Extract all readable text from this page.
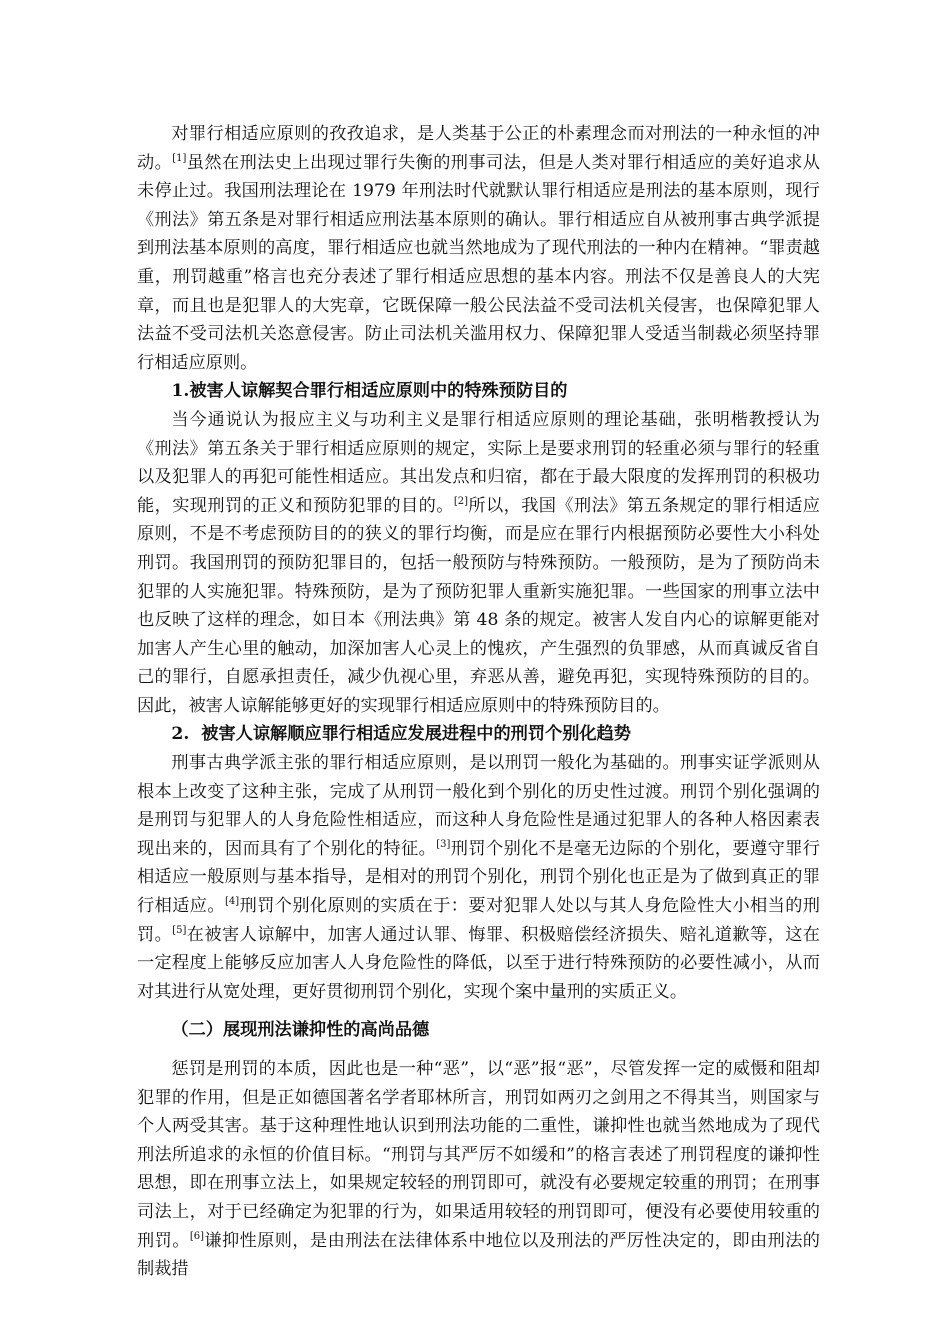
对罪行相适应原则的孜孜追求，是人类基于公正的朴素理念而对刑法的一种永恒的冲动。[1]虽然在刑法史上出现过罪行失衡的刑事司法，但是人类对罪行相适应的美好追求从未停止过。我国刑法理论在 1979 年刑法时代就默认罪行相适应是刑法的基本原则，现行《刑法》第五条是对罪行相适应刑法基本原则的确认。罪行相适应自从被刑事古典学派提到刑法基本原则的高度，罪行相适应也就当然地成为了现代刑法的一种内在精神。“罪责越重，刑罚越重”格言也充分表述了罪行相适应思想的基本内容。刑法不仅是善良人的大宪章，而且也是犯罪人的大宪章，它既保障一般公民法益不受司法机关侵害，也保障犯罪人法益不受司法机关恣意侵害。防止司法机关滥用权力、保障犯罪人受适当制裁必须坚持罪行相适应原则。

1.被害人谅解契合罪行相适应原则中的特殊预防目的

当今通说认为报应主义与功利主义是罪行相适应原则的理论基础，张明楷教授认为《刑法》第五条关于罪行相适应原则的规定，实际上是要求刑罚的轻重必须与罪行的轻重以及犯罪人的再犯可能性相适应。其出发点和归宿，都在于最大限度的发挥刑罚的积极功能，实现刑罚的正义和预防犯罪的目的。[2]所以，我国《刑法》第五条规定的罪行相适应原则，不是不考虑预防目的的狭义的罪行均衡，而是应在罪行内根据预防必要性大小科处刑罚。我国刑罚的预防犯罪目的，包括一般预防与特殊预防。一般预防，是为了预防尚未犯罪的人实施犯罪。特殊预防，是为了预防犯罪人重新实施犯罪。一些国家的刑事立法中也反映了这样的理念，如日本《刑法典》第 48 条的规定。被害人发自内心的谅解更能对加害人产生心里的触动，加深加害人心灵上的愧疚，产生强烈的负罪感，从而真诚反省自己的罪行，自愿承担责任，减少仇视心里，弃恶从善，避免再犯，实现特殊预防的目的。因此，被害人谅解能够更好的实现罪行相适应原则中的特殊预防目的。

2.  被害人谅解顺应罪行相适应发展进程中的刑罚个别化趋势

刑事古典学派主张的罪行相适应原则，是以刑罚一般化为基础的。刑事实证学派则从根本上改变了这种主张，完成了从刑罚一般化到个别化的历史性过渡。刑罚个别化强调的是刑罚与犯罪人的人身危险性相适应，而这种人身危险性是通过犯罪人的各种人格因素表现出来的，因而具有了个别化的特征。[3]刑罚个别化不是毫无边际的个别化，要遵守罪行相适应一般原则与基本指导，是相对的刑罚个别化，刑罚个别化也正是为了做到真正的罪行相适应。[4]刑罚个别化原则的实质在于：要对犯罪人处以与其人身危险性大小相当的刑罚。[5]在被害人谅解中，加害人通过认罪、悔罪、积极赔偿经济损失、赔礼道歉等，这在一定程度上能够反应加害人人身危险性的降低，以至于进行特殊预防的必要性减小，从而对其进行从宽处理，更好贯彻刑罚个别化，实现个案中量刑的实质正义。

（二）展现刑法谦抑性的高尚品德

惩罚是刑罚的本质，因此也是一种“恶”，以“恶”报“恶”，尽管发挥一定的威慑和阻却犯罪的作用，但是正如德国著名学者耶林所言，刑罚如两刃之剑用之不得其当，则国家与个人两受其害。基于这种理性地认识到刑法功能的二重性，谦抑性也就当然地成为了现代刑法所追求的永恒的价值目标。“刑罚与其严厉不如缓和”的格言表述了刑罚程度的谦抑性思想，即在刑事立法上，如果规定较轻的刑罚即可，就没有必要规定较重的刑罚；在刑事司法上，对于已经确定为犯罪的行为，如果适用较轻的刑罚即可，便没有必要使用较重的刑罚。[6]谦抑性原则，是由刑法在法律体系中地位以及刑法的严厉性决定的，即由刑法的制裁措
